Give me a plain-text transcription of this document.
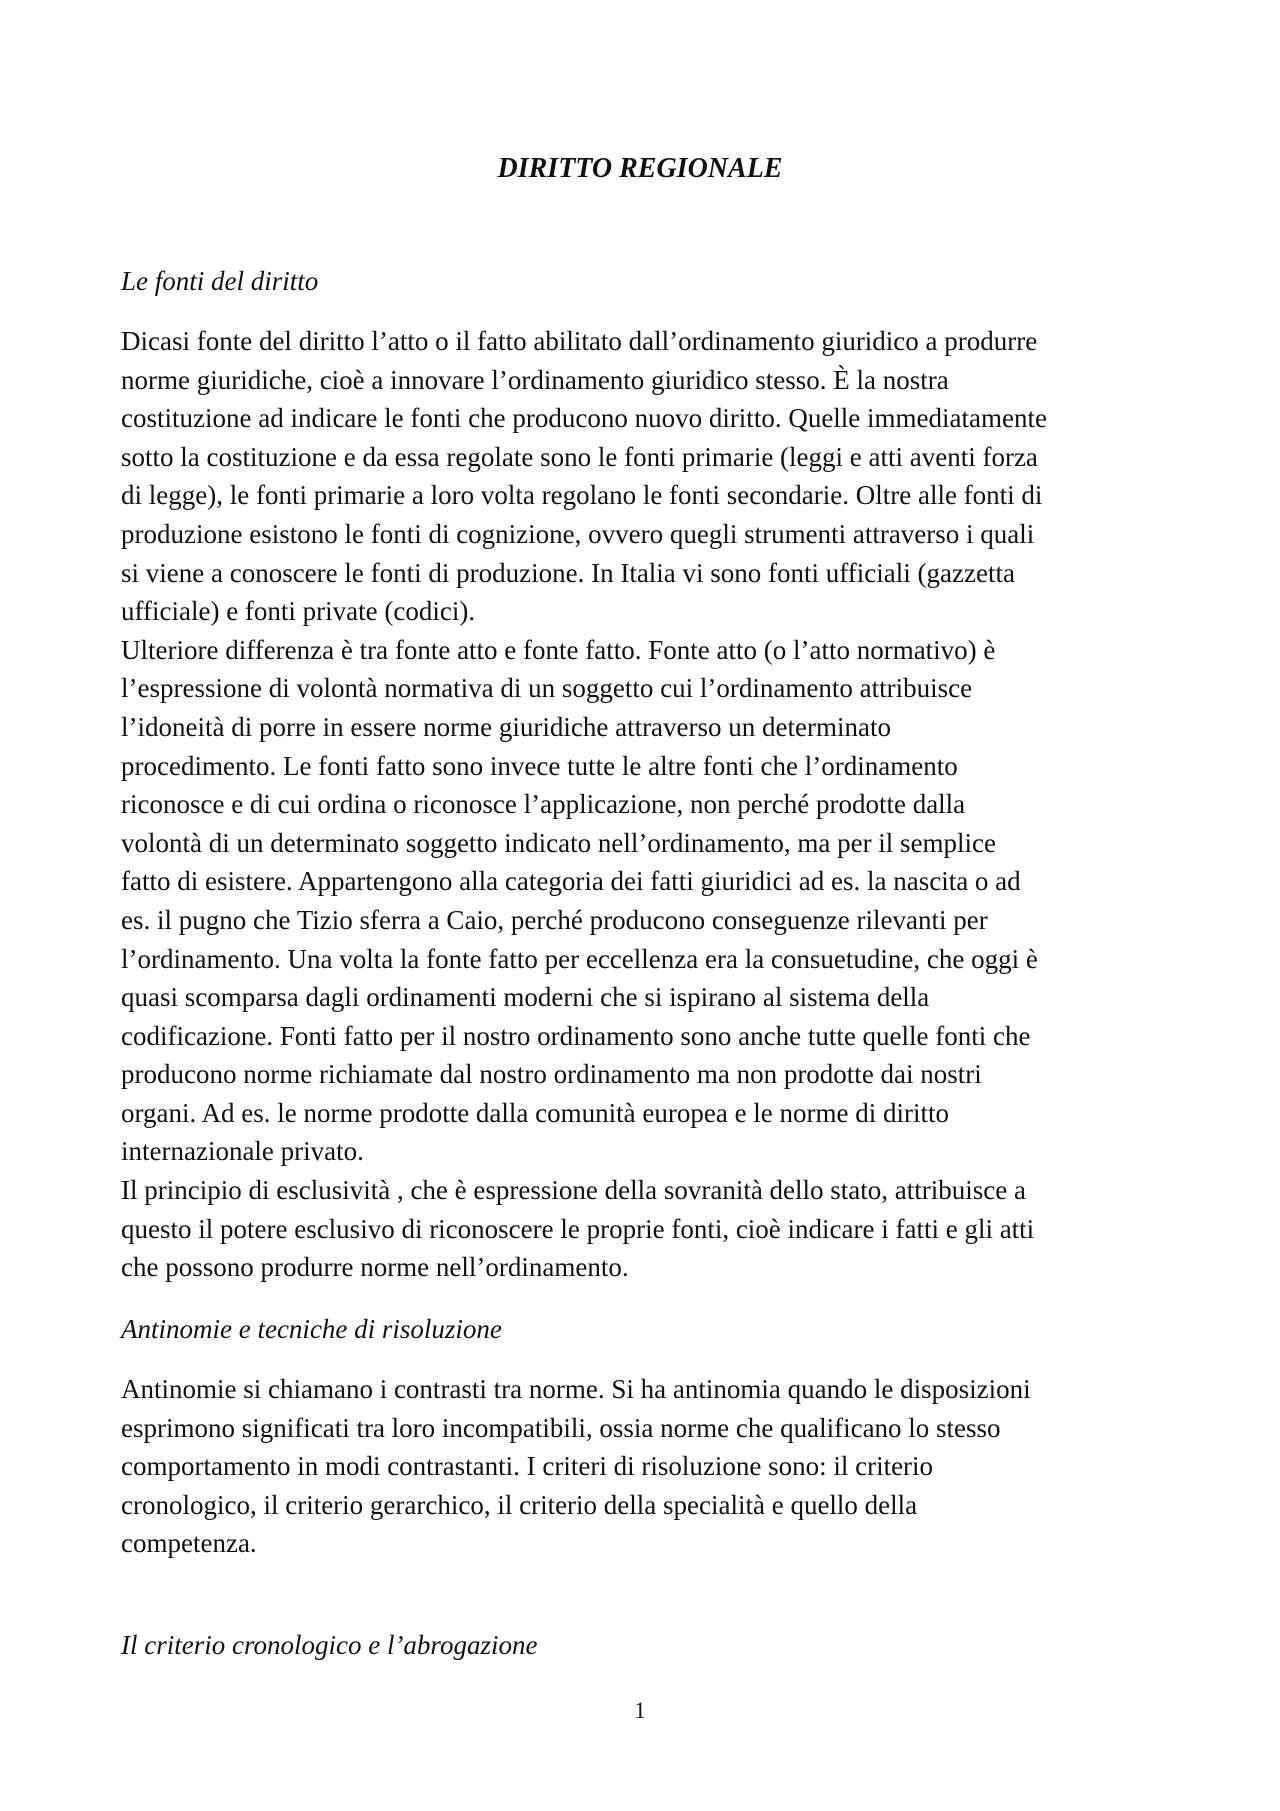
DIRITTO REGIONALE
Le fonti del diritto
Dicasi fonte del diritto l’atto o il fatto abilitato dall’ordinamento giuridico a produrre
norme giuridiche, cioè a innovare l’ordinamento giuridico stesso. È la nostra
costituzione ad indicare le fonti che producono nuovo diritto. Quelle immediatamente
sotto la costituzione e da essa regolate sono le fonti primarie (leggi e atti aventi forza
di legge), le fonti primarie a loro volta regolano le fonti secondarie. Oltre alle fonti di
produzione esistono le fonti di cognizione, ovvero quegli strumenti attraverso i quali
si viene a conoscere le fonti di produzione. In Italia vi sono fonti ufficiali (gazzetta
ufficiale) e fonti private (codici).
Ulteriore differenza è tra fonte atto e fonte fatto. Fonte atto (o l’atto normativo) è
l’espressione di volontà normativa di un soggetto cui l’ordinamento attribuisce
l’idoneità di porre in essere norme giuridiche attraverso un determinato
procedimento. Le fonti fatto sono invece tutte le altre fonti che l’ordinamento
riconosce e di cui ordina o riconosce l’applicazione, non perché prodotte dalla
volontà di un determinato soggetto indicato nell’ordinamento, ma per il semplice
fatto di esistere. Appartengono alla categoria dei fatti giuridici ad es. la nascita o ad
es. il pugno che Tizio sferra a Caio, perché producono conseguenze rilevanti per
l’ordinamento. Una volta la fonte fatto per eccellenza era la consuetudine, che oggi è
quasi scomparsa dagli ordinamenti moderni che si ispirano al sistema della
codificazione. Fonti fatto per il nostro ordinamento sono anche tutte quelle fonti che
producono norme richiamate dal nostro ordinamento ma non prodotte dai nostri
organi. Ad es. le norme prodotte dalla comunità europea e le norme di diritto
internazionale privato.
Il principio di esclusività , che è espressione della sovranità dello stato, attribuisce a
questo il potere esclusivo di riconoscere le proprie fonti, cioè indicare i fatti e gli atti
che possono produrre norme nell’ordinamento.
Antinomie e tecniche di risoluzione
Antinomie si chiamano i contrasti tra norme. Si ha antinomia quando le disposizioni
esprimono significati tra loro incompatibili, ossia norme che qualificano lo stesso
comportamento in modi contrastanti. I criteri di risoluzione sono: il criterio
cronologico, il criterio gerarchico, il criterio della specialità e quello della
competenza.
Il criterio cronologico e l’abrogazione
1
